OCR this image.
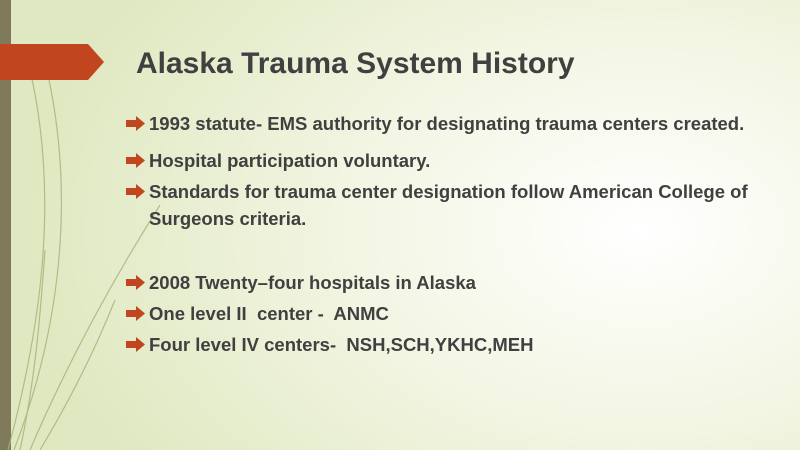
Alaska Trauma System History
1993 statute- EMS authority for designating trauma centers created.
Hospital participation voluntary.
Standards for trauma center designation follow American College of Surgeons criteria.
2008 Twenty–four hospitals in Alaska
One level II  center -  ANMC
Four level IV centers-  NSH,SCH,YKHC,MEH
